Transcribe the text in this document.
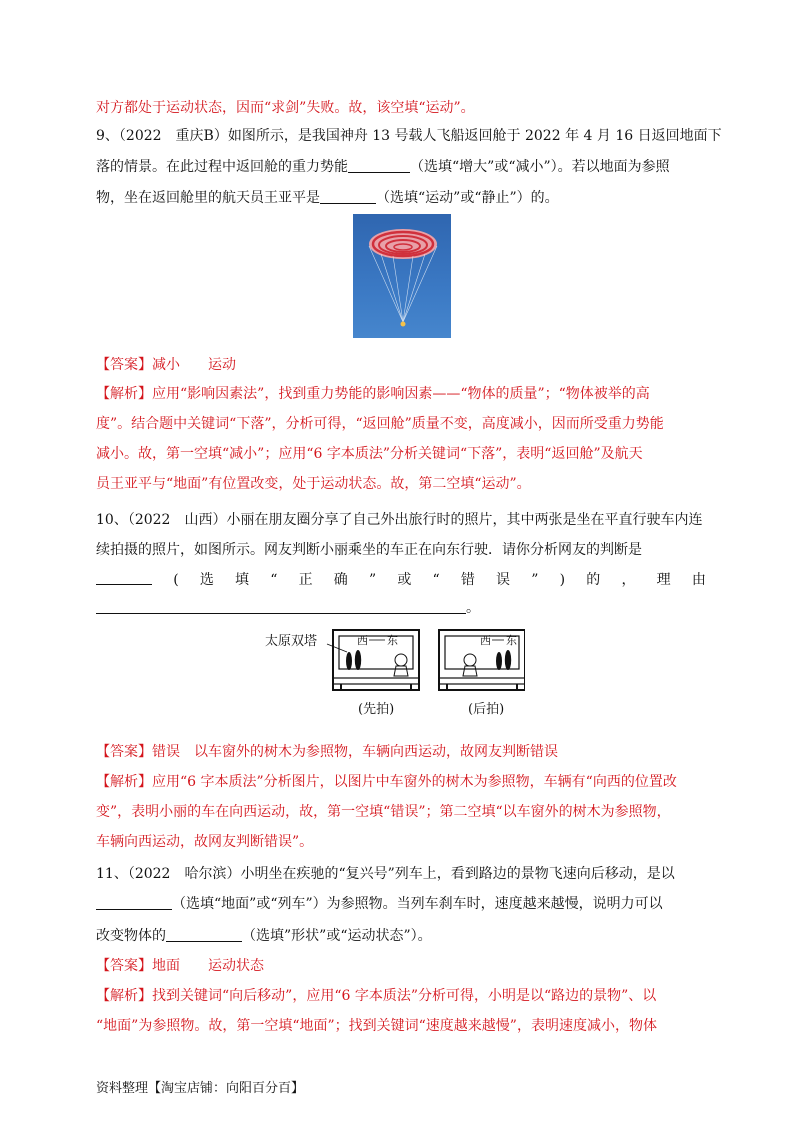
对方都处于运动状态，因而“求剑”失败。故，该空填“运动”。
9、（2022　重庆B）如图所示，是我国神舟 13 号载人飞船返回舱于 2022 年 4 月 16 日返回地面下
落的情景。在此过程中返回舱的重力势能	（选填“增大”或“减小”）。若以地面为参照
物，坐在返回舱里的航天员王亚平是	（选填“运动”或“静止”）的。
【答案】减小　　运动
【解析】应用“影响因素法”，找到重力势能的影响因素——“物体的质量”；“物体被举的高
度”。结合题中关键词“下落”，分析可得，“返回舱”质量不变，高度减小，因而所受重力势能
减小。故，第一空填“减小”；应用“6 字本质法”分析关键词“下落”，表明“返回舱”及航天
员王亚平与“地面”有位置改变，处于运动状态。故，第二空填“运动”。
10、（2022　山西）小丽在朋友圈分享了自己外出旅行时的照片，其中两张是坐在平直行驶车内连
续拍摄的照片，如图所示。网友判断小丽乘坐的车正在向东行驶．请你分析网友的判断是
( 选 填 “ 正 确 ” 或 “ 错 误 ” ) 的 ， 理 由
。
西 东	西 东
太原双塔
(先拍)	(后拍)
【答案】错误　以车窗外的树木为参照物，车辆向西运动，故网友判断错误
【解析】应用“6 字本质法”分析图片，以图片中车窗外的树木为参照物，车辆有“向西的位置改
变”，表明小丽的车在向西运动，故，第一空填“错误”；第二空填“以车窗外的树木为参照物，
车辆向西运动，故网友判断错误”。
11、（2022　哈尔滨）小明坐在疾驰的“复兴号”列车上，看到路边的景物飞速向后移动，是以
（选填“地面”或“列车”）为参照物。当列车刹车时，速度越来越慢，说明力可以
改变物体的	（选填”形状”或“运动状态”）。
【答案】地面　　运动状态
【解析】找到关键词“向后移动”，应用“6 字本质法”分析可得，小明是以“路边的景物”、以
“地面”为参照物。故，第一空填“地面”；找到关键词“速度越来越慢”，表明速度减小，物体
资料整理【淘宝店铺：向阳百分百】
